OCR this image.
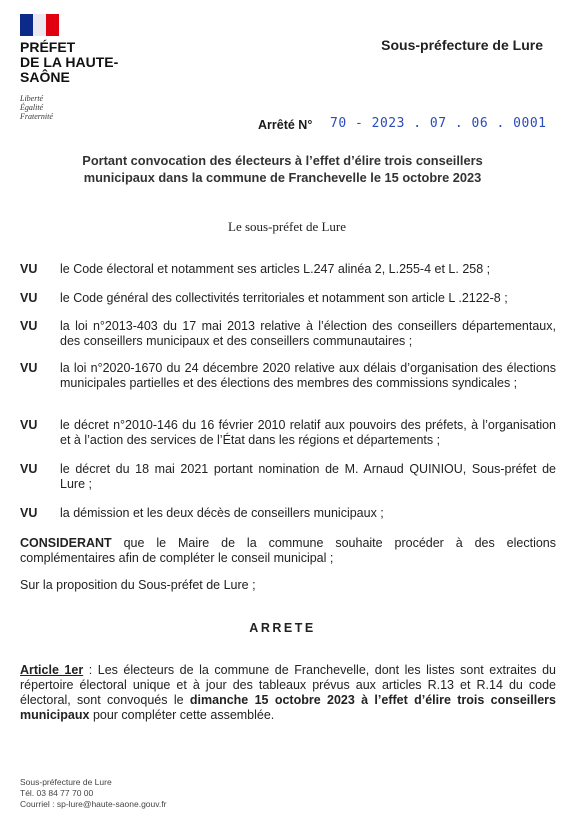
PRÉFET
DE LA HAUTE-
SAÔNE
Liberté
Égalité
Fraternité
Sous-préfecture de Lure
Arrêté N° 70 - 2023 . 07 . 06 . 0001
Portant convocation des électeurs à l’effet d’élire trois conseillers
municipaux dans la commune de Franchevelle le 15 octobre 2023
Le sous-préfet de Lure
VU le Code électoral et notamment ses articles L.247 alinéa 2, L.255-4 et L. 258 ;
VU le Code général des collectivités territoriales et notamment son article L .2122-8 ;
VU la loi n°2013-403 du 17 mai 2013 relative à l’élection des conseillers départementaux, des conseillers municipaux et des conseillers communautaires ;
VU la loi n°2020-1670 du 24 décembre 2020 relative aux délais d’organisation des élections municipales partielles et des élections des membres des commissions syndicales ;
VU le décret n°2010-146 du 16 février 2010 relatif aux pouvoirs des préfets, à l’organisation et à l’action des services de l’État dans les régions et départements ;
VU le décret du 18 mai 2021 portant nomination de M. Arnaud QUINIOU, Sous-préfet de Lure ;
VU la démission et les deux décès de conseillers municipaux ;
CONSIDERANT que le Maire de la commune souhaite procéder à des elections complémentaires afin de compléter le conseil municipal ;
Sur la proposition du Sous-préfet de Lure ;
ARRETE
Article 1er : Les électeurs de la commune de Franchevelle, dont les listes sont extraites du répertoire électoral unique et à jour des tableaux prévus aux articles R.13 et R.14 du code électoral, sont convoqués le dimanche 15 octobre 2023 à l’effet d’élire trois conseillers municipaux pour compléter cette assemblée.
Sous-préfecture de Lure
Tél. 03 84 77 70 00
Courriel : sp-lure@haute-saone.gouv.fr
